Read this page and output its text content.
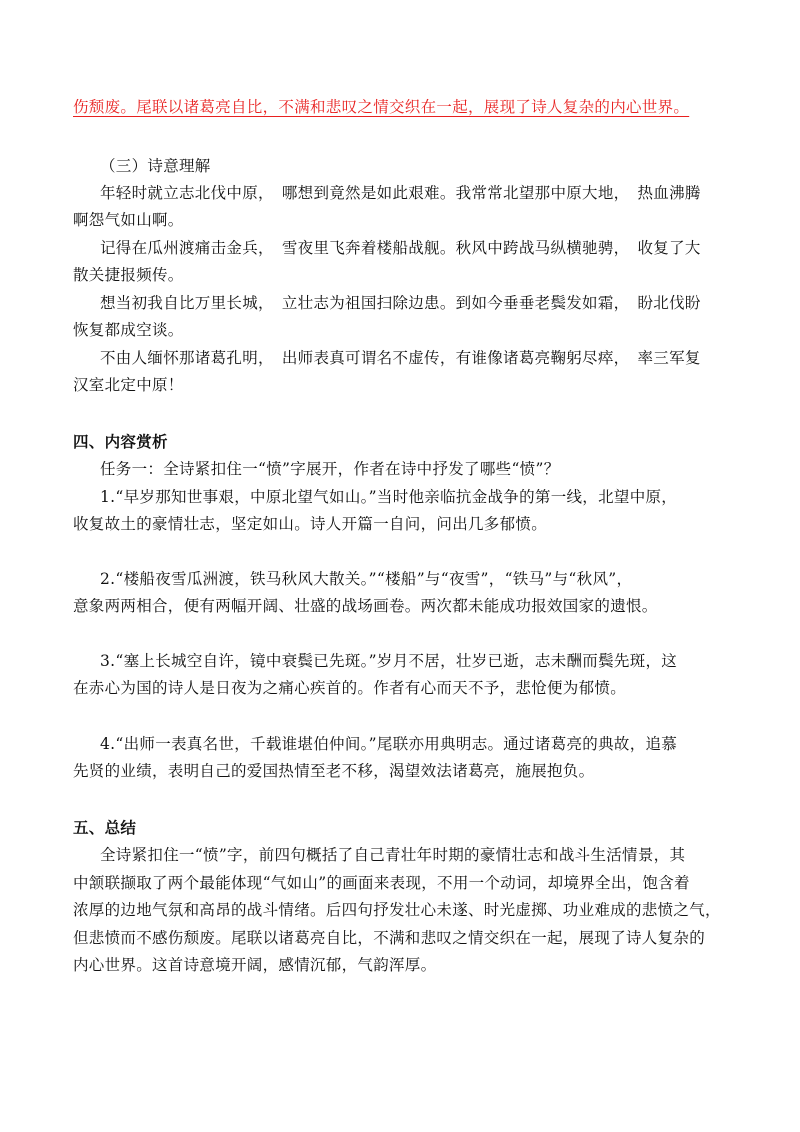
伤颓废。尾联以诸葛亮自比，不满和悲叹之情交织在一起，展现了诗人复杂的内心世界。
（三）诗意理解
年轻时就立志北伐中原，　哪想到竟然是如此艰难。我常常北望那中原大地，　热血沸腾
啊怨气如山啊。
记得在瓜州渡痛击金兵，　雪夜里飞奔着楼船战舰。秋风中跨战马纵横驰骋，　收复了大
散关捷报频传。
想当初我自比万里长城，　立壮志为祖国扫除边患。到如今垂垂老鬓发如霜，　盼北伐盼
恢复都成空谈。
不由人缅怀那诸葛孔明，　出师表真可谓名不虚传，有谁像诸葛亮鞠躬尽瘁，　率三军复
汉室北定中原！
四、内容赏析
任务一：全诗紧扣住一“愤”字展开，作者在诗中抒发了哪些“愤”？
1.“早岁那知世事艰，中原北望气如山。”当时他亲临抗金战争的第一线，北望中原，
收复故土的豪情壮志，坚定如山。诗人开篇一自问，问出几多郁愤。
2.“楼船夜雪瓜洲渡，铁马秋风大散关。”“楼船”与“夜雪”，“铁马”与“秋风”，
意象两两相合，便有两幅开阔、壮盛的战场画卷。两次都未能成功报效国家的遗恨。
3.“塞上长城空自许，镜中衰鬓已先斑。”岁月不居，壮岁已逝，志未酬而鬓先斑，这
在赤心为国的诗人是日夜为之痛心疾首的。作者有心而天不予，悲怆便为郁愤。
4.“出师一表真名世，千载谁堪伯仲间。”尾联亦用典明志。通过诸葛亮的典故，追慕
先贤的业绩，表明自己的爱国热情至老不移，渴望效法诸葛亮，施展抱负。
五、总结
全诗紧扣住一“愤”字，前四句概括了自己青壮年时期的豪情壮志和战斗生活情景，其
中颔联撷取了两个最能体现“气如山”的画面来表现，不用一个动词，却境界全出，饱含着
浓厚的边地气氛和高昂的战斗情绪。后四句抒发壮心未遂、时光虚掷、功业难成的悲愤之气，
但悲愤而不感伤颓废。尾联以诸葛亮自比，不满和悲叹之情交织在一起，展现了诗人复杂的
内心世界。这首诗意境开阔，感情沉郁，气韵浑厚。
